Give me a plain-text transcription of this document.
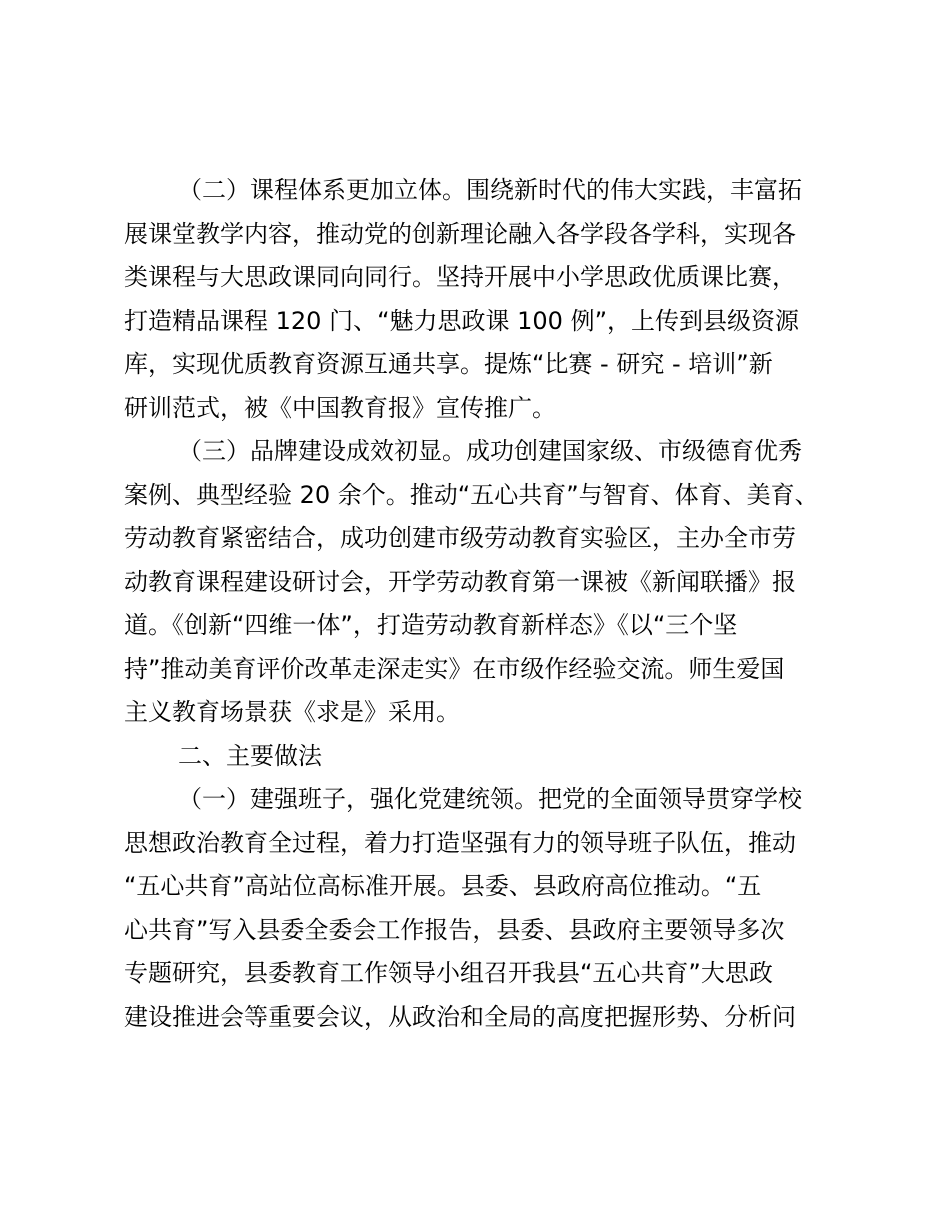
（二）课程体系更加立体。围绕新时代的伟大实践，丰富拓
展课堂教学内容，推动党的创新理论融入各学段各学科，实现各
类课程与大思政课同向同行。坚持开展中小学思政优质课比赛，
打造精品课程 120 门、“魅力思政课 100 例”，上传到县级资源
库，实现优质教育资源互通共享。提炼“比赛 - 研究 - 培训”新
研训范式，被《中国教育报》宣传推广。
（三）品牌建设成效初显。成功创建国家级、市级德育优秀
案例、典型经验 20 余个。推动“五心共育”与智育、体育、美育、
劳动教育紧密结合，成功创建市级劳动教育实验区，主办全市劳
动教育课程建设研讨会，开学劳动教育第一课被《新闻联播》报
道。《创新“四维一体”，打造劳动教育新样态》《以“三个坚
持”推动美育评价改革走深走实》在市级作经验交流。师生爱国
主义教育场景获《求是》采用。
二、主要做法
（一）建强班子，强化党建统领。把党的全面领导贯穿学校
思想政治教育全过程，着力打造坚强有力的领导班子队伍，推动
“五心共育”高站位高标准开展。县委、县政府高位推动。“五
心共育”写入县委全委会工作报告，县委、县政府主要领导多次
专题研究，县委教育工作领导小组召开我县“五心共育”大思政
建设推进会等重要会议，从政治和全局的高度把握形势、分析问
